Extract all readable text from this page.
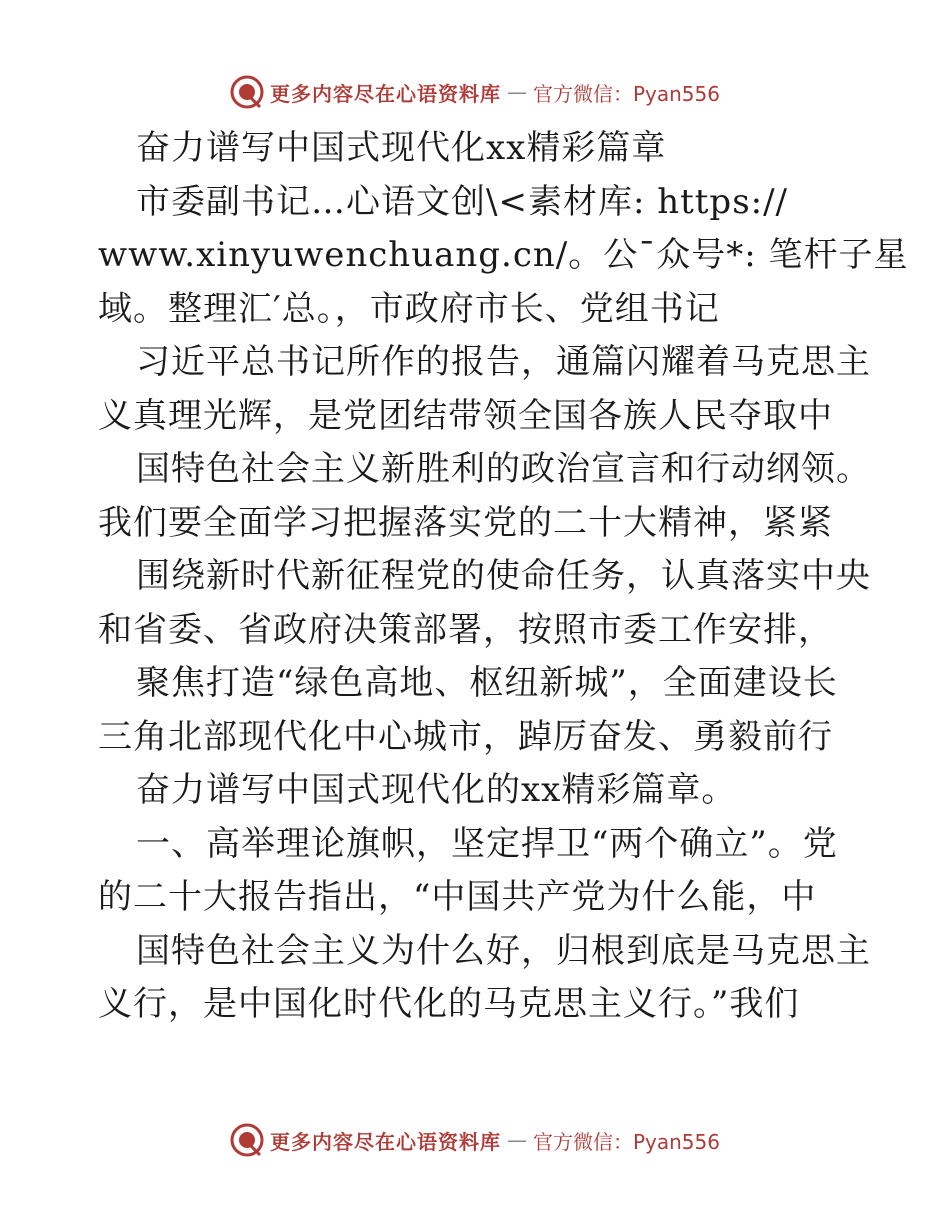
更多内容尽在心语资料库 — 官方微信：Pyan556
奋力谱写中国式现代化xx精彩篇章
市委副书记…心语文创\<素材库: https://
www.xinyuwenchuang.cn/。公¯众号*: 笔杆子星
域。整理汇′总。，市政府市长、党组书记
习近平总书记所作的报告，通篇闪耀着马克思主
义真理光辉，是党团结带领全国各族人民夺取中
国特色社会主义新胜利的政治宣言和行动纲领。
我们要全面学习把握落实党的二十大精神，紧紧
围绕新时代新征程党的使命任务，认真落实中央
和省委、省政府决策部署，按照市委工作安排，
聚焦打造“绿色高地、枢纽新城”，全面建设长
三角北部现代化中心城市，踔厉奋发、勇毅前行
奋力谱写中国式现代化的xx精彩篇章。
一、高举理论旗帜，坚定捍卫“两个确立”。党
的二十大报告指出，“中国共产党为什么能，中
国特色社会主义为什么好，归根到底是马克思主
义行，是中国化时代化的马克思主义行。”我们
更多内容尽在心语资料库 — 官方微信：Pyan556
